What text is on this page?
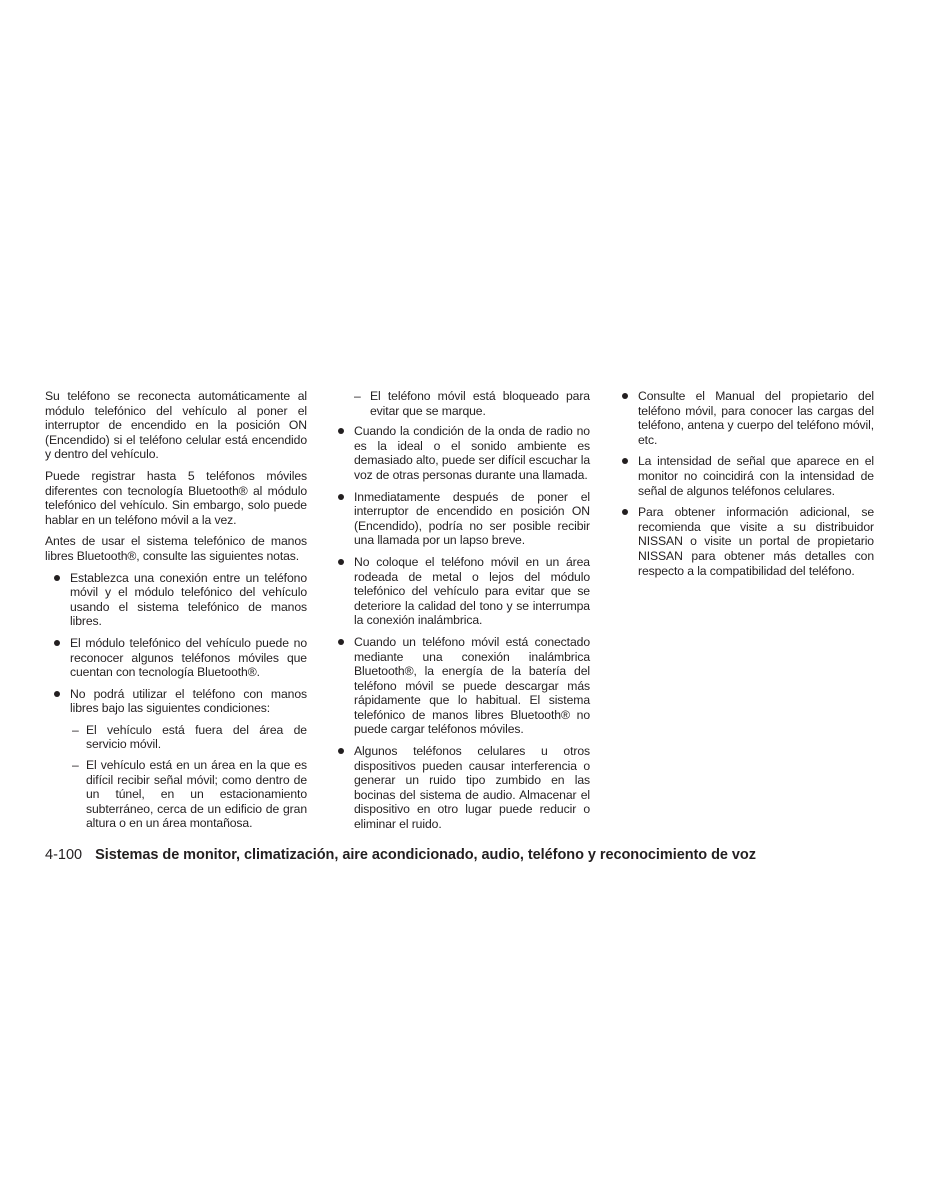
Su teléfono se reconecta automáticamente al módulo telefónico del vehículo al poner el interruptor de encendido en la posición ON (Encendido) si el teléfono celular está encendido y dentro del vehículo.

Puede registrar hasta 5 teléfonos móviles diferentes con tecnología Bluetooth® al módulo telefónico del vehículo. Sin embargo, solo puede hablar en un teléfono móvil a la vez.

Antes de usar el sistema telefónico de manos libres Bluetooth®, consulte las siguientes notas.

Establezca una conexión entre un teléfono móvil y el módulo telefónico del vehículo usando el sistema telefónico de manos libres.
El módulo telefónico del vehículo puede no reconocer algunos teléfonos móviles que cuentan con tecnología Bluetooth®.
No podrá utilizar el teléfono con manos libres bajo las siguientes condiciones:
– El vehículo está fuera del área de servicio móvil.
– El vehículo está en un área en la que es difícil recibir señal móvil; como dentro de un túnel, en un estacionamiento subterráneo, cerca de un edificio de gran altura o en un área montañosa.
– El teléfono móvil está bloqueado para evitar que se marque.
Cuando la condición de la onda de radio no es la ideal o el sonido ambiente es demasiado alto, puede ser difícil escuchar la voz de otras personas durante una llamada.
Inmediatamente después de poner el interruptor de encendido en posición ON (Encendido), podría no ser posible recibir una llamada por un lapso breve.
No coloque el teléfono móvil en un área rodeada de metal o lejos del módulo telefónico del vehículo para evitar que se deteriore la calidad del tono y se interrumpa la conexión inalámbrica.
Cuando un teléfono móvil está conectado mediante una conexión inalámbrica Bluetooth®, la energía de la batería del teléfono móvil se puede descargar más rápidamente que lo habitual. El sistema telefónico de manos libres Bluetooth® no puede cargar teléfonos móviles.
Algunos teléfonos celulares u otros dispositivos pueden causar interferencia o generar un ruido tipo zumbido en las bocinas del sistema de audio. Almacenar el dispositivo en otro lugar puede reducir o eliminar el ruido.
Consulte el Manual del propietario del teléfono móvil, para conocer las cargas del teléfono, antena y cuerpo del teléfono móvil, etc.
La intensidad de señal que aparece en el monitor no coincidirá con la intensidad de señal de algunos teléfonos celulares.
Para obtener información adicional, se recomienda que visite a su distribuidor NISSAN o visite un portal de propietario NISSAN para obtener más detalles con respecto a la compatibilidad del teléfono.
4-100 Sistemas de monitor, climatización, aire acondicionado, audio, teléfono y reconocimiento de voz
